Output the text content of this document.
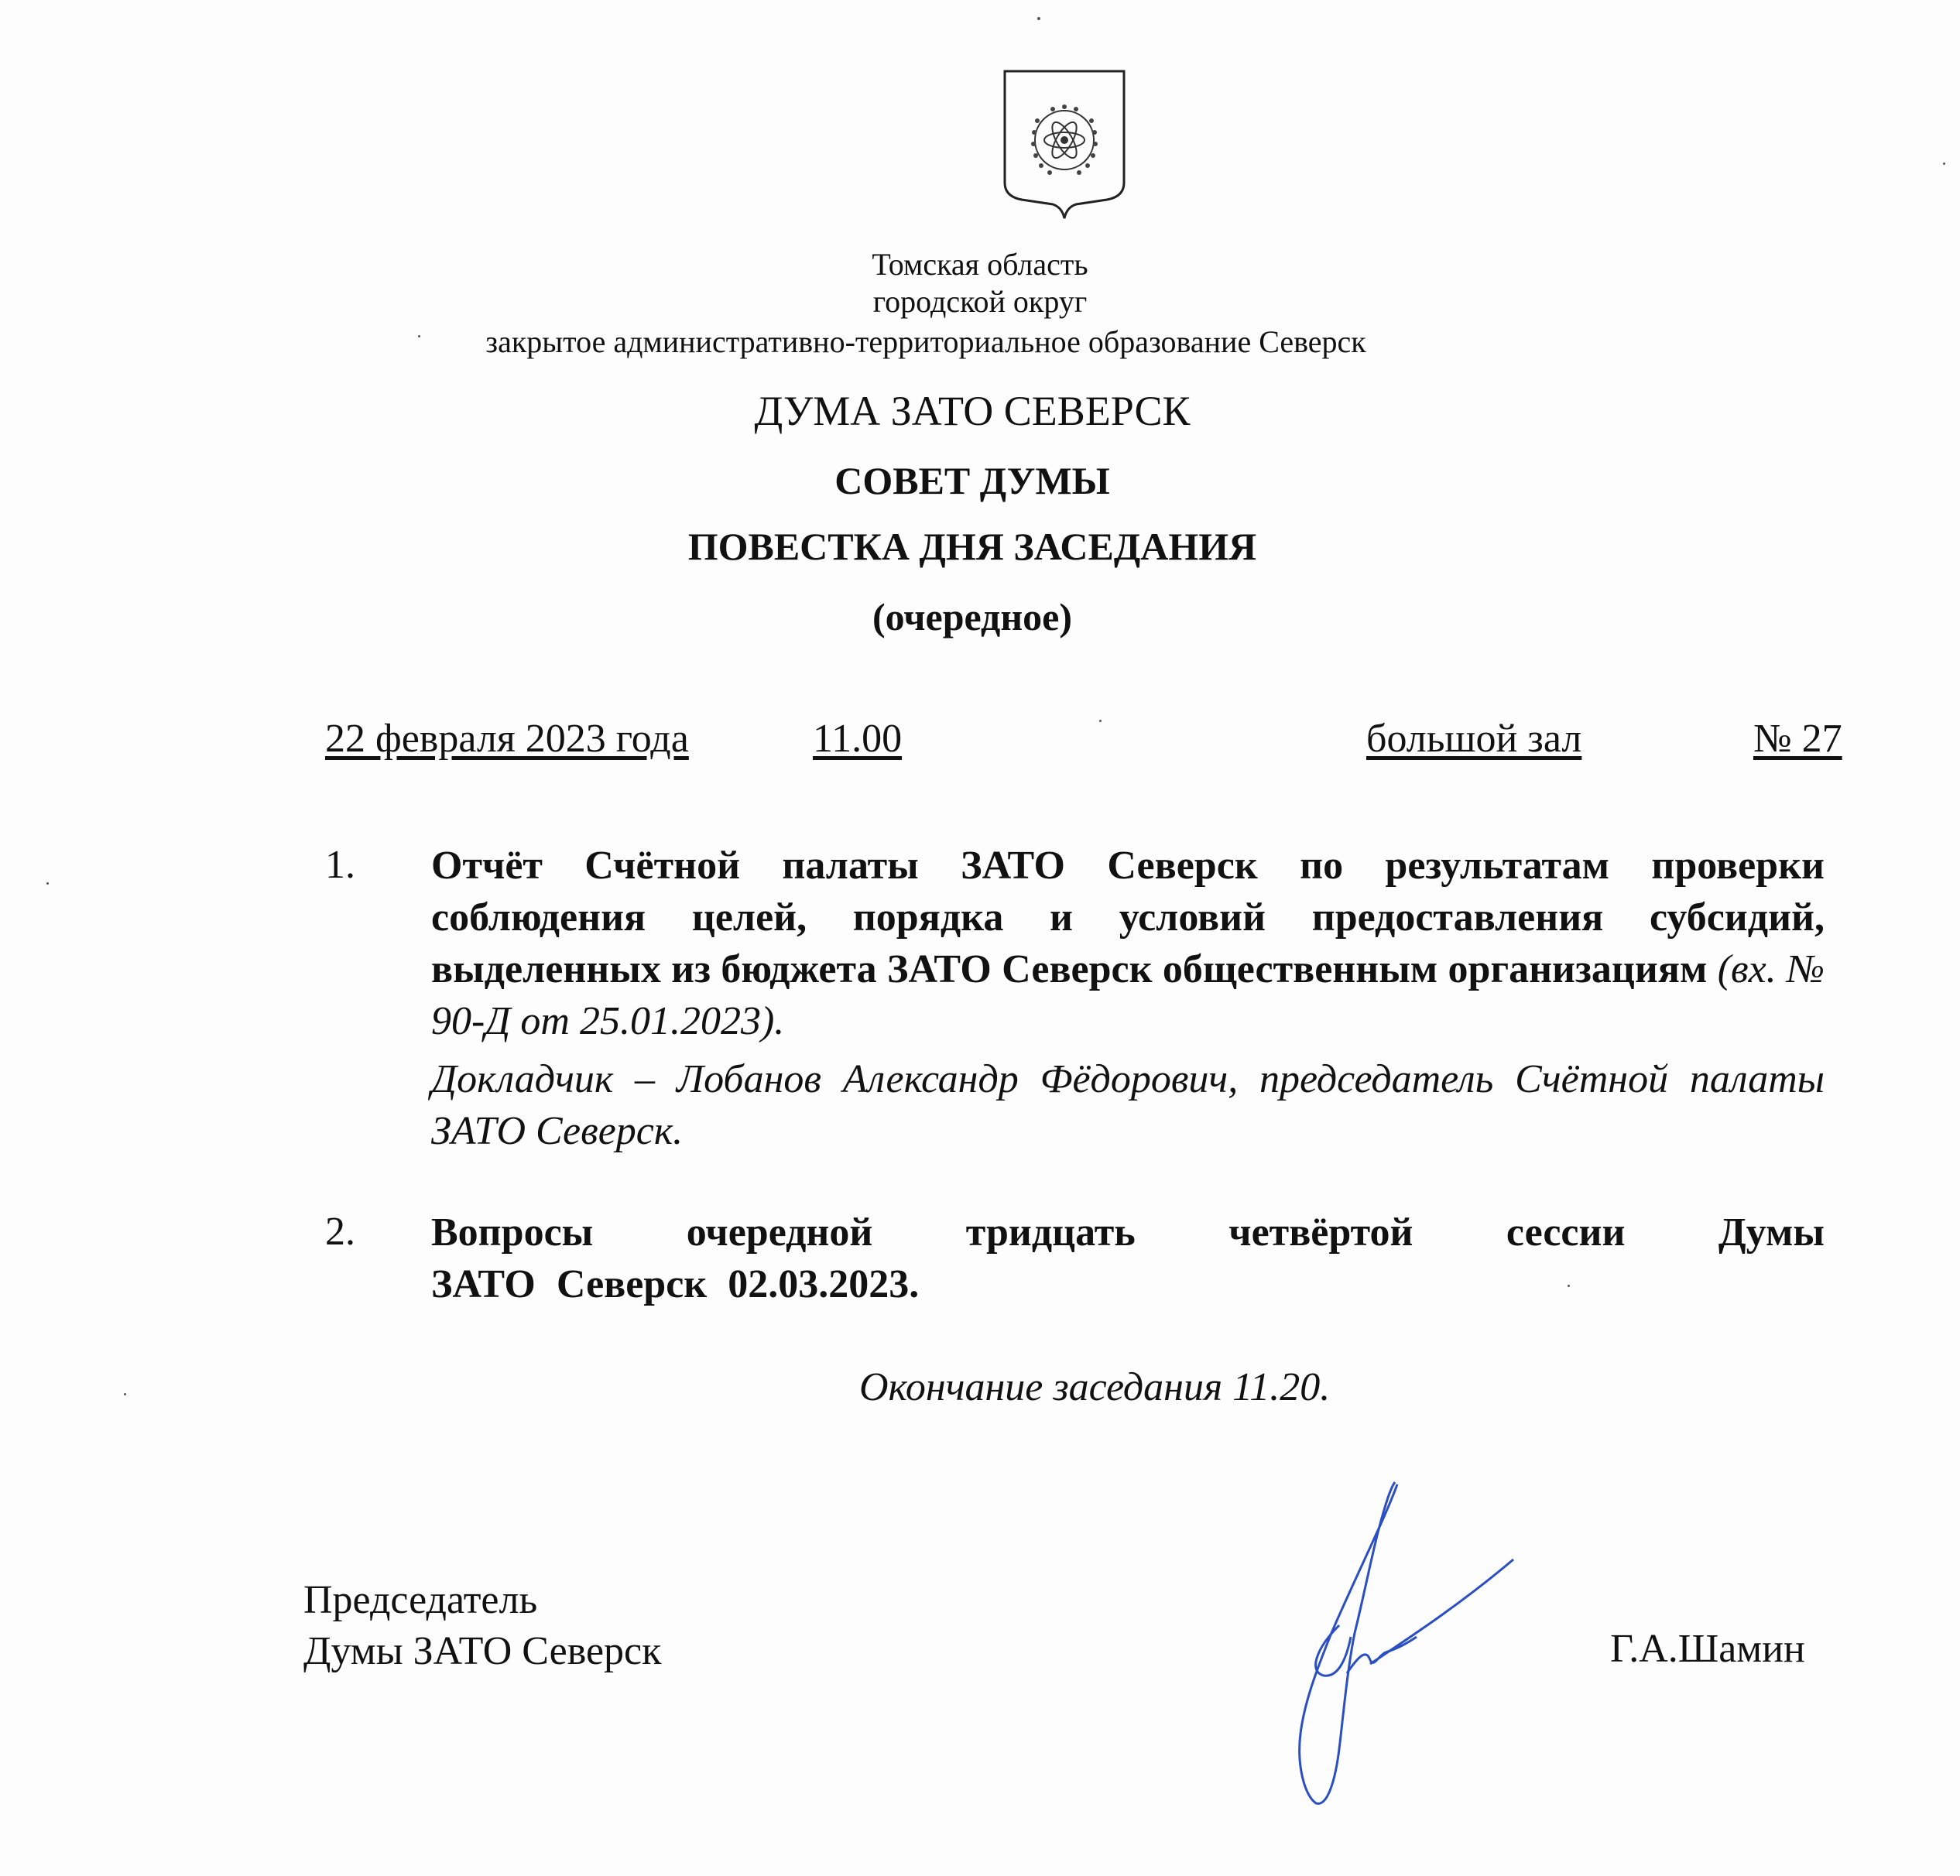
Томская область
городской округ
закрытое административно-территориальное образование Северск
ДУМА ЗАТО СЕВЕРСК
СОВЕТ ДУМЫ
ПОВЕСТКА ДНЯ ЗАСЕДАНИЯ
(очередное)
22 февраля 2023 года	11.00	большой зал	№ 27
1. Отчёт Счётной палаты ЗАТО Северск по результатам проверки соблюдения целей, порядка и условий предоставления субсидий, выделенных из бюджета ЗАТО Северск общественным организациям (вх. № 90-Д от 25.01.2023).
Докладчик – Лобанов Александр Фёдорович, председатель Счётной палаты ЗАТО Северск.
2. Вопросы очередной тридцать четвёртой сессии Думы
ЗАТО Северск 02.03.2023.
Окончание заседания 11.20.
Председатель
Думы ЗАТО Северск	Г.А.Шамин
